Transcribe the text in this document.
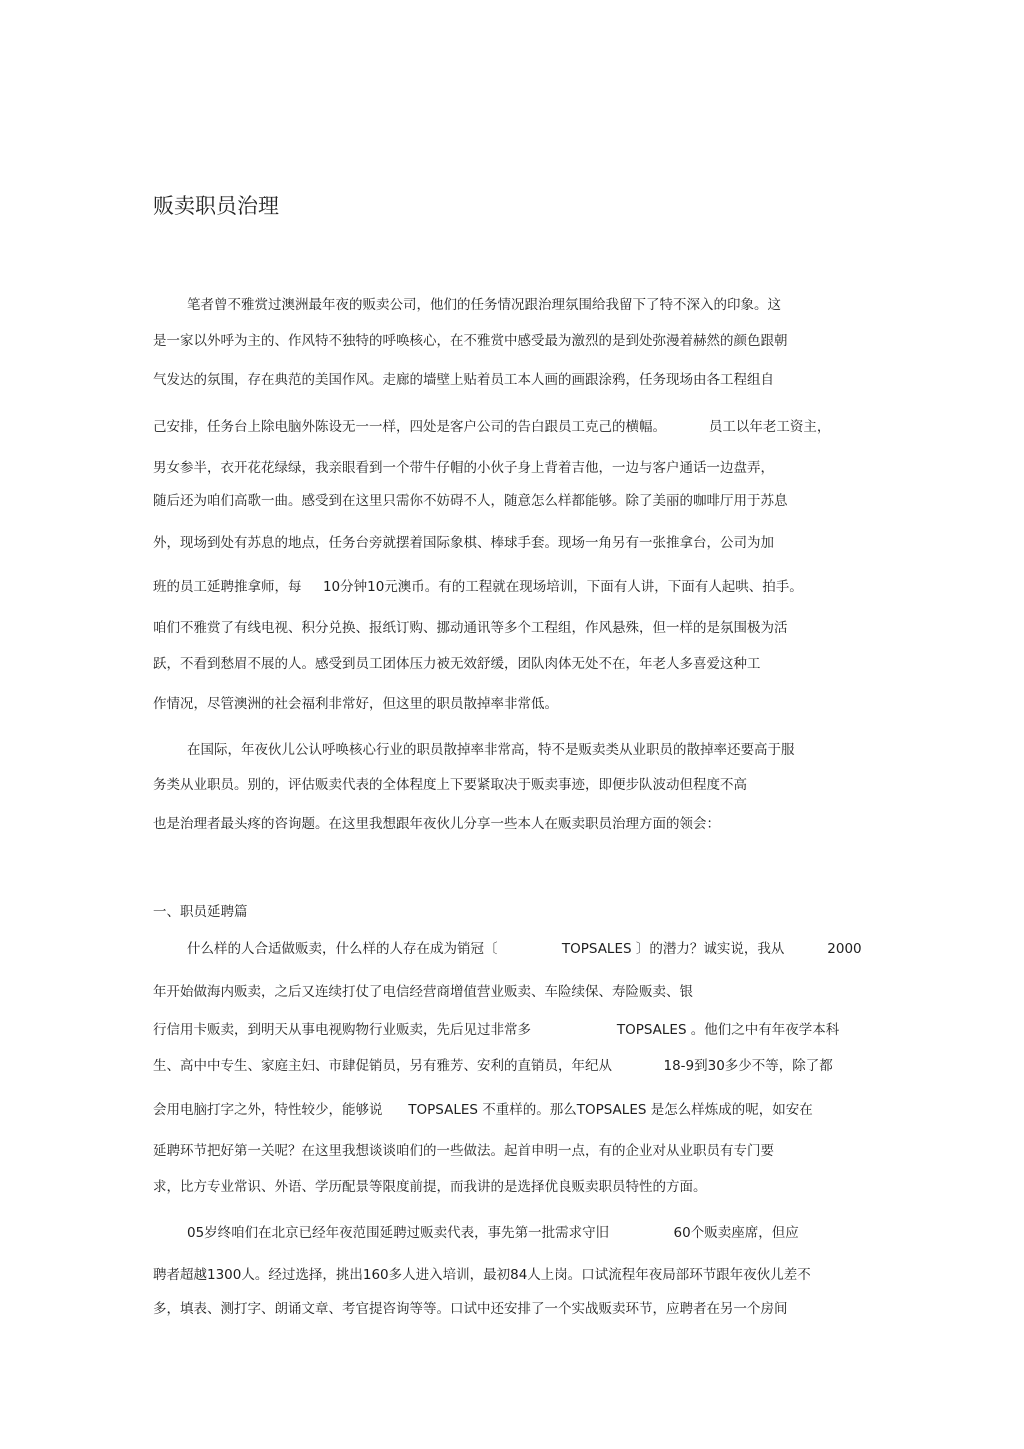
贩卖职员治理
笔者曾不雅赏过澳洲最年夜的贩卖公司，他们的任务情况跟治理氛围给我留下了特不深入的印象。这
是一家以外呼为主的、作风特不独特的呼唤核心，在不雅赏中感受最为激烈的是到处弥漫着赫然的颜色跟朝
气发达的氛围，存在典范的美国作风。走廊的墙壁上贴着员工本人画的画跟涂鸦，任务现场由各工程组自
己安排，任务台上除电脑外陈设无一一样，四处是客户公司的告白跟员工克己的横幅。          员工以年老工资主，
男女参半，衣开花花绿绿，我亲眼看到一个带牛仔帽的小伙子身上背着吉他，一边与客户通话一边盘弄，
随后还为咱们高歌一曲。感受到在这里只需你不妨碍不人，随意怎么样都能够。除了美丽的咖啡厅用于苏息
外，现场到处有苏息的地点，任务台旁就摆着国际象棋、棒球手套。现场一角另有一张推拿台，公司为加
班的员工延聘推拿师，每     10分钟10元澳币。有的工程就在现场培训，下面有人讲，下面有人起哄、拍手。
咱们不雅赏了有线电视、积分兑换、报纸订购、挪动通讯等多个工程组，作风悬殊，但一样的是氛围极为活
跃，不看到愁眉不展的人。感受到员工团体压力被无效舒缓，团队肉体无处不在，年老人多喜爱这种工
作情况，尽管澳洲的社会福利非常好，但这里的职员散掉率非常低。
在国际，年夜伙儿公认呼唤核心行业的职员散掉率非常高，特不是贩卖类从业职员的散掉率还要高于服
务类从业职员。别的，评估贩卖代表的全体程度上下要紧取决于贩卖事迹，即便步队波动但程度不高
也是治理者最头疼的咨询题。在这里我想跟年夜伙儿分享一些本人在贩卖职员治理方面的领会：
一、职员延聘篇
什么样的人合适做贩卖，什么样的人存在成为销冠〔               TOPSALES 〕的潜力？诚实说，我从          2000
年开始做海内贩卖，之后又连续打仗了电信经营商增值营业贩卖、车险续保、寿险贩卖、银
行信用卡贩卖，到明天从事电视购物行业贩卖，先后见过非常多                    TOPSALES 。他们之中有年夜学本科
生、高中中专生、家庭主妇、市肆促销员，另有雅芳、安利的直销员，年纪从            18-9到30多少不等，除了都
会用电脑打字之外，特性较少，能够说      TOPSALES 不重样的。那么TOPSALES 是怎么样炼成的呢，如安在
延聘环节把好第一关呢？在这里我想谈谈咱们的一些做法。起首申明一点，有的企业对从业职员有专门要
求，比方专业常识、外语、学历配景等限度前提，而我讲的是选择优良贩卖职员特性的方面。
05岁终咱们在北京已经年夜范围延聘过贩卖代表，事先第一批需求守旧               60个贩卖座席，但应
聘者超越1300人。经过选择，挑出160多人进入培训，最初84人上岗。口试流程年夜局部环节跟年夜伙儿差不
多，填表、测打字、朗诵文章、考官提咨询等等。口试中还安排了一个实战贩卖环节，应聘者在另一个房间
